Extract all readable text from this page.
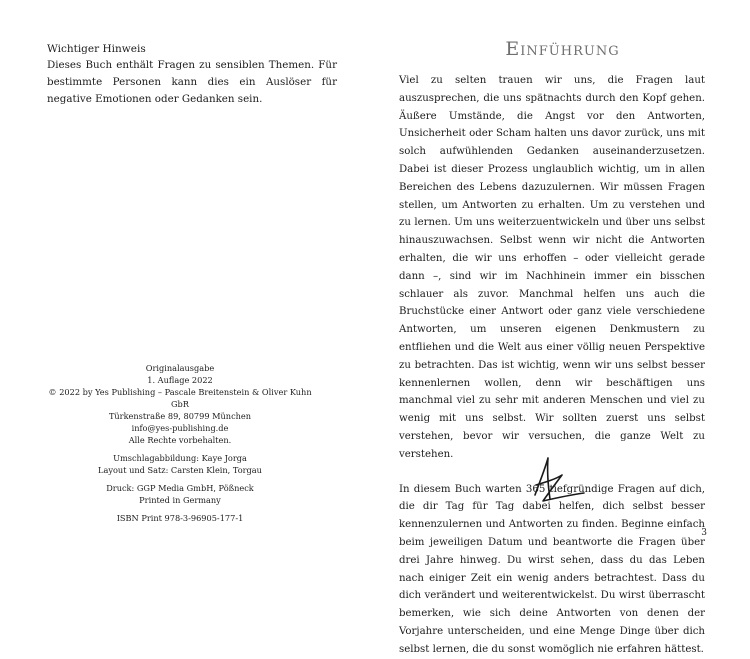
Wichtiger Hinweis

Dieses Buch enthält Fragen zu sensiblen Themen. Für bestimmte Personen kann dies ein Auslöser für negative Emotionen oder Gedanken sein.

Originalausgabe

1. Auflage 2022

© 2022 by Yes Publishing – Pascale Breitenstein & Oliver Kuhn GbR

Türkenstraße 89, 80799 München

info@yes-publishing.de

Alle Rechte vorbehalten.

Umschlagabbildung: Kaye Jorga

Layout und Satz: Carsten Klein, Torgau

Druck: GGP Media GmbH, Pößneck

Printed in Germany

ISBN Print 978-3-96905-177-1

Einführung

Viel zu selten trauen wir uns, die Fragen laut auszusprechen, die uns spätnachts durch den Kopf gehen. Äußere Umstände, die Angst vor den Antworten, Unsicherheit oder Scham halten uns davor zurück, uns mit solch aufwühlenden Gedanken auseinanderzusetzen. Dabei ist dieser Prozess unglaublich wichtig, um in allen Bereichen des Lebens dazuzulernen. Wir müssen Fragen stellen, um Antworten zu erhalten. Um zu verstehen und zu lernen. Um uns weiterzuentwickeln und über uns selbst hinauszuwachsen. Selbst wenn wir nicht die Antworten erhalten, die wir uns erhoffen – oder vielleicht gerade dann –, sind wir im Nachhinein immer ein bisschen schlauer als zuvor. Manchmal helfen uns auch die Bruchstücke einer Antwort oder ganz viele verschiedene Antworten, um unseren eigenen Denkmustern zu entfliehen und die Welt aus einer völlig neuen Perspektive zu betrachten. Das ist wichtig, wenn wir uns selbst besser kennenlernen wollen, denn wir beschäftigen uns manchmal viel zu sehr mit anderen Menschen und viel zu wenig mit uns selbst. Wir sollten zuerst uns selbst verstehen, bevor wir versuchen, die ganze Welt zu verstehen.

In diesem Buch warten 365 tiefgründige Fragen auf dich, die dir Tag für Tag dabei helfen, dich selbst besser kennenzulernen und Antworten zu finden. Beginne einfach beim jeweiligen Datum und beantworte die Fragen über drei Jahre hinweg. Du wirst sehen, dass du das Leben nach einiger Zeit ein wenig anders betrachtest. Dass du dich verändert und weiterentwickelst. Du wirst überrascht bemerken, wie sich deine Antworten von denen der Vorjahre unterscheiden, und eine Menge Dinge über dich selbst lernen, die du sonst womöglich nie erfahren hättest.

3
